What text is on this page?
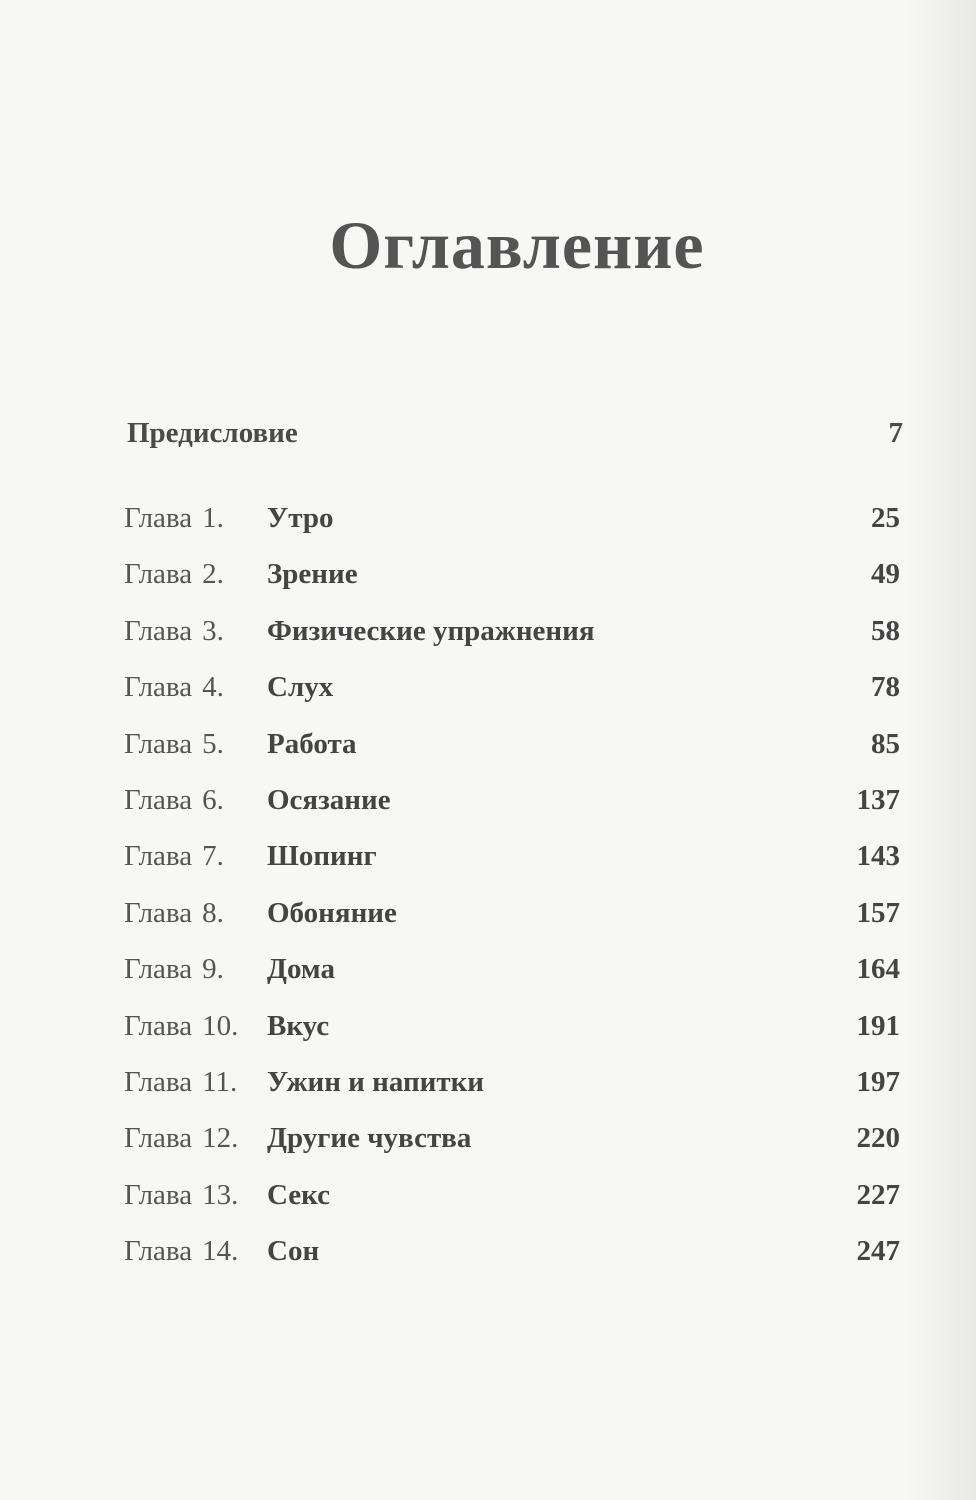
Оглавление
Предисловие	7
Глава 1.	Утро	25
Глава 2.	Зрение	49
Глава 3.	Физические упражнения	58
Глава 4.	Слух	78
Глава 5.	Работа	85
Глава 6.	Осязание	137
Глава 7.	Шопинг	143
Глава 8.	Обоняние	157
Глава 9.	Дома	164
Глава 10. Вкус	191
Глава 11.	Ужин и напитки	197
Глава 12. Другие чувства	220
Глава 13. Секс	227
Глава 14. Сон	247
